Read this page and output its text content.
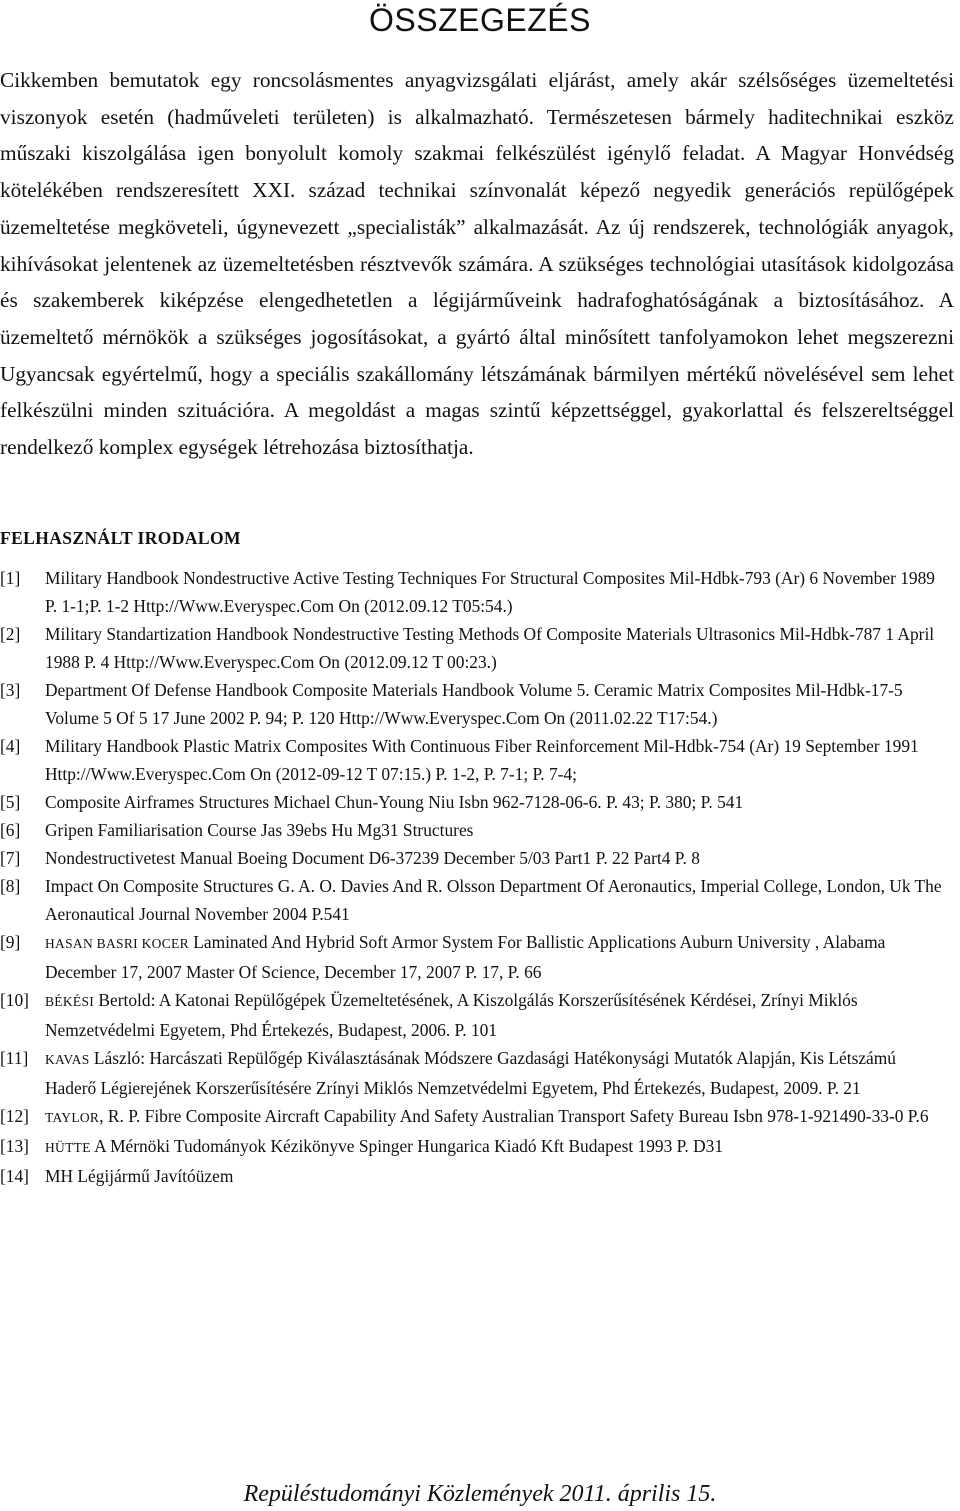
ÖSSZEGEZÉS

Cikkemben bemutatok egy roncsolásmentes anyagvizsgálati eljárást, amely akár szélsőséges üzemeltetési viszonyok esetén (hadműveleti területen) is alkalmazható. Természetesen bármely haditechnikai eszköz műszaki kiszolgálása igen bonyolult komoly szakmai felkészülést igénylő feladat. A Magyar Honvédség kötelékében rendszeresített XXI. század technikai színvonalát képező negyedik generációs repülőgépek üzemeltetése megköveteli, úgynevezett „specialisták” alkalmazását. Az új rendszerek, technológiák anyagok, kihívásokat jelentenek az üzemeltetésben résztvevők számára. A szükséges technológiai utasítások kidolgozása és szakemberek kiképzése elengedhetetlen a légijárműveink hadrafoghatóságának a biztosításához. A üzemeltető mérnökök a szükséges jogosításokat, a gyártó által minősített tanfolyamokon lehet megszerezni Ugyancsak egyértelmű, hogy a speciális szakállomány létszámának bármilyen mértékű növelésével sem lehet felkészülni minden szituációra. A megoldást a magas szintű képzettséggel, gyakorlattal és felszereltséggel rendelkező komplex egységek létrehozása biztosíthatja.

FELHASZNÁLT IRODALOM
[1] Military Handbook Nondestructive Active Testing Techniques For Structural Composites Mil-Hdbk-793 (Ar) 6 November 1989 P. 1-1;P. 1-2 Http://Www.Everyspec.Com On (2012.09.12 T05:54.)
[2] Military Standartization Handbook Nondestructive Testing Methods Of Composite Materials Ultrasonics Mil-Hdbk-787 1 April 1988 P. 4 Http://Www.Everyspec.Com On (2012.09.12 T 00:23.)
[3] Department Of Defense Handbook Composite Materials Handbook Volume 5. Ceramic Matrix Composites Mil-Hdbk-17-5 Volume 5 Of 5 17 June 2002 P. 94; P. 120 Http://Www.Everyspec.Com On (2011.02.22 T17:54.)
[4] Military Handbook Plastic Matrix Composites With Continuous Fiber Reinforcement Mil-Hdbk-754 (Ar) 19 September 1991 Http://Www.Everyspec.Com On (2012-09-12 T 07:15.) P. 1-2, P. 7-1; P. 7-4;
[5] Composite Airframes Structures Michael Chun-Young Niu Isbn 962-7128-06-6. P. 43; P. 380; P. 541
[6] Gripen Familiarisation Course Jas 39ebs Hu Mg31 Structures
[7] Nondestructivetest Manual Boeing Document D6-37239 December 5/03 Part1 P. 22 Part4 P. 8
[8] Impact On Composite Structures G. A. O. Davies And R. Olsson Department Of Aeronautics, Imperial College, London, Uk The Aeronautical Journal November 2004 P.541
[9] HASAN BASRI KOCER Laminated And Hybrid Soft Armor System For Ballistic Applications Auburn University , Alabama December 17, 2007 Master Of Science, December 17, 2007 P. 17, P. 66
[10] BÉKÉSI Bertold: A Katonai Repülőgépek Üzemeltetésének, A Kiszolgálás Korszerűsítésének Kérdései, Zrínyi Miklós Nemzetvédelmi Egyetem, Phd Értekezés, Budapest, 2006. P. 101
[11] KAVAS László: Harcászati Repülőgép Kiválasztásának Módszere Gazdasági Hatékonysági Mutatók Alapján, Kis Létszámú Haderő Légierejének Korszerűsítésére Zrínyi Miklós Nemzetvédelmi Egyetem, Phd Értekezés, Budapest, 2009. P. 21
[12] TAYLOR, R. P. Fibre Composite Aircraft Capability And Safety Australian Transport Safety Bureau Isbn 978-1-921490-33-0 P.6
[13] HÜTTE A Mérnöki Tudományok Kézikönyve Spinger Hungarica Kiadó Kft Budapest 1993 P. D31
[14] MH Légijármű Javítóüzem
Repüléstudományi Közlemények 2011. április 15.
